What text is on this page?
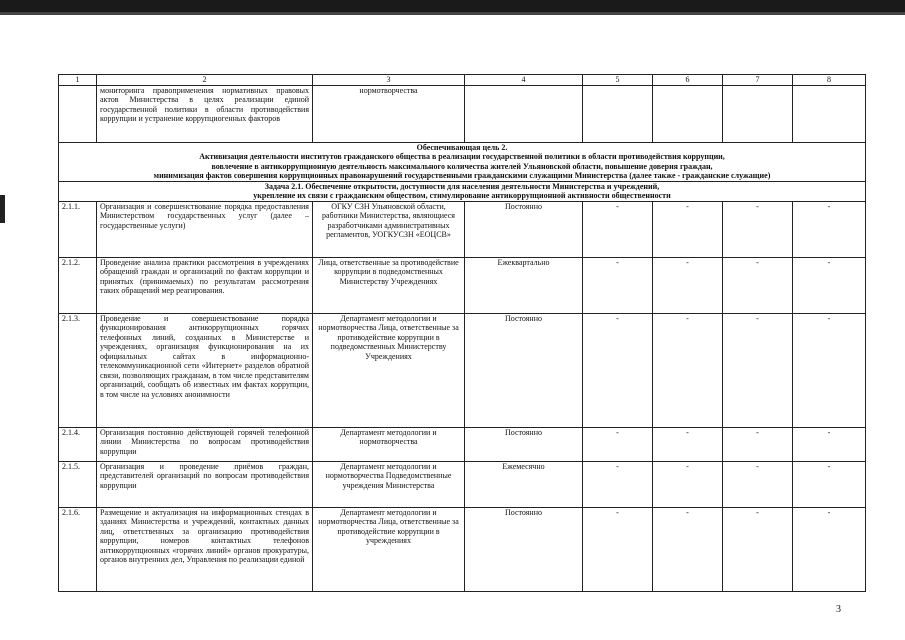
1	2	3	4	5	6	7	8
	мониторинга правоприменения нормативных правовых актов Министерства в целях реализации единой государственной политики в области противодействия коррупции и устранение коррупциогенных факторов	нормотворчества					

Обеспечивающая цель 2.
Активизация деятельности институтов гражданского общества в реализации государственной политики в области противодействия коррупции,
вовлечение в антикоррупционную деятельность максимального количества жителей Ульяновской области, повышение доверия граждан,
минимизация фактов совершения коррупционных правонарушений государственными гражданскими служащими Министерства (далее также - гражданские служащие)							

Задача 2.1. Обеспечение открытости, доступности для населения деятельности Министерства и учреждений,
укрепление их связи с гражданским обществом, стимулирование антикоррупционной активности общественности							

2.1.1.	Организация и совершенствование порядка предоставления Министерством государственных услуг (далее – государственные услуги)	ОГКУ СЗН Ульяновской области, работники Министерства, являющиеся разработчиками административных регламентов, УОГКУСЗН «ЕОЦСВ»	Постоянно	-	-	-	-
2.1.2.	Проведение анализа практики рассмотрения в учреждениях обращений граждан и организаций по фактам коррупции и принятых (принимаемых) по результатам рассмотрения таких обращений мер реагирования.	Лица, ответственные за противодействие коррупции в подведомственных Министерству Учреждениях	Ежеквартально	-	-	-	-
2.1.3.	Проведение и совершенствование порядка функционирования антикоррупционных горячих телефонных линий, созданных в Министерстве и учреждениях, организация функционирования на их официальных сайтах в информационно-телекоммуникационной сети «Интернет» разделов обратной связи, позволяющих гражданам, в том числе представителям организаций, сообщать об известных им фактах коррупции, в том числе на условиях анонимности	Департамент методологии и нормотворчества Лица, ответственные за противодействие коррупции в подведомственных Министерству Учреждениях	Постоянно	-	-	-	-
2.1.4.	Организация постоянно действующей горячей телефонной линии Министерства по вопросам противодействия коррупции	Департамент методологии и нормотворчества	Постоянно	-	-	-	-
2.1.5.	Организация и проведение приёмов граждан, представителей организаций по вопросам противодействия коррупции	Департамент методологии и нормотворчества Подведомственные учреждения Министерства	Ежемесячно	-	-	-	-
2.1.6.	Размещение и актуализация на информационных стендах в зданиях Министерства и учреждений, контактных данных лиц, ответственных за организацию противодействия коррупции, номеров контактных телефонов антикоррупционных «горячих линий» органов прокуратуры, органов внутренних дел, Управления по реализации единой	Департамент методологии и нормотворчества Лица, ответственные за противодействие коррупции в учреждениях	Постоянно	-	-	-	-
3
